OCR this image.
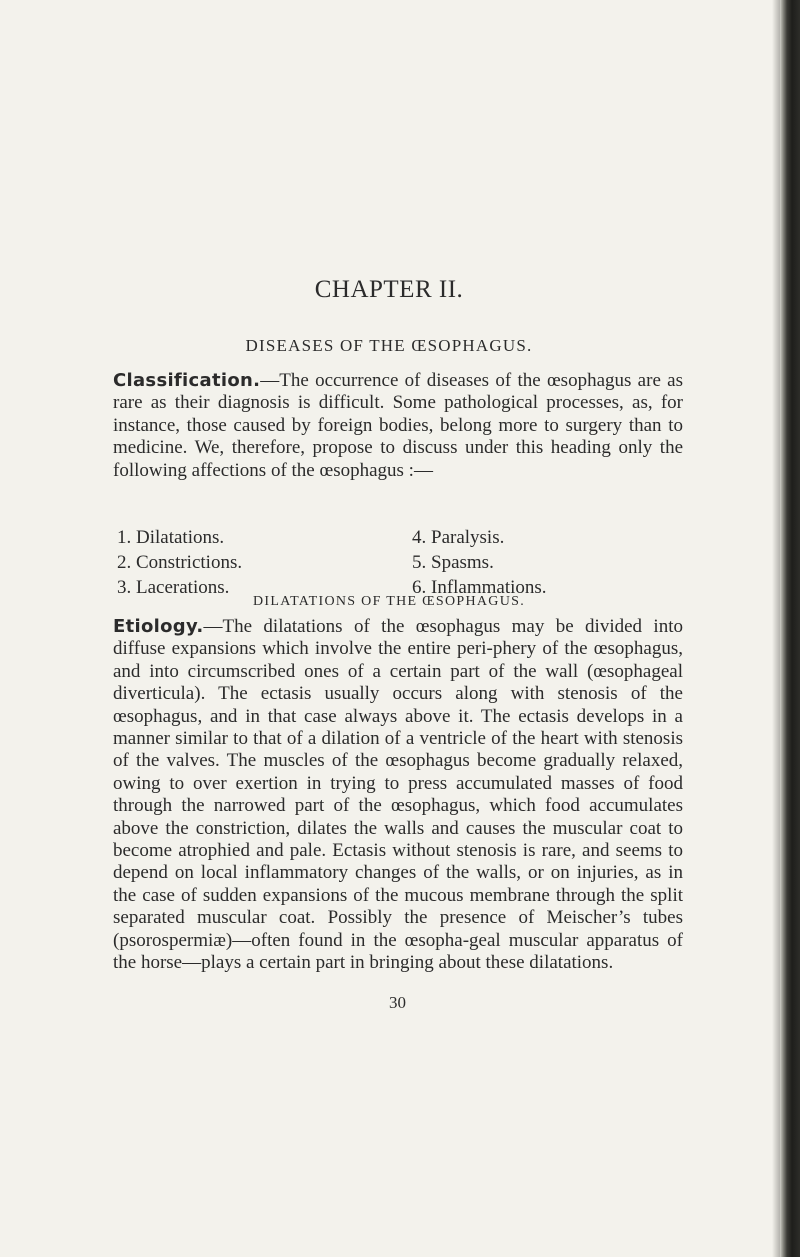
CHAPTER II.
DISEASES OF THE ŒSOPHAGUS.
Classification.—The occurrence of diseases of the œsophagus are as rare as their diagnosis is difficult. Some pathological processes, as, for instance, those caused by foreign bodies, belong more to surgery than to medicine. We, therefore, propose to discuss under this heading only the following affections of the œsophagus :—
1. Dilatations.
2. Constrictions.
3. Lacerations.
4. Paralysis.
5. Spasms.
6. Inflammations.
DILATATIONS OF THE ŒSOPHAGUS.
Etiology.—The dilatations of the œsophagus may be divided into diffuse expansions which involve the entire peri-phery of the œsophagus, and into circumscribed ones of a certain part of the wall (œsophageal diverticula). The ectasis usually occurs along with stenosis of the œsophagus, and in that case always above it. The ectasis develops in a manner similar to that of a dilation of a ventricle of the heart with stenosis of the valves. The muscles of the œsophagus become gradually relaxed, owing to over exertion in trying to press accumulated masses of food through the narrowed part of the œsophagus, which food accumulates above the constriction, dilates the walls and causes the muscular coat to become atrophied and pale. Ectasis without stenosis is rare, and seems to depend on local inflammatory changes of the walls, or on injuries, as in the case of sudden expansions of the mucous membrane through the split separated muscular coat. Possibly the presence of Meischer’s tubes (psorospermiæ)—often found in the œsopha-geal muscular apparatus of the horse—plays a certain part in bringing about these dilatations.
30
